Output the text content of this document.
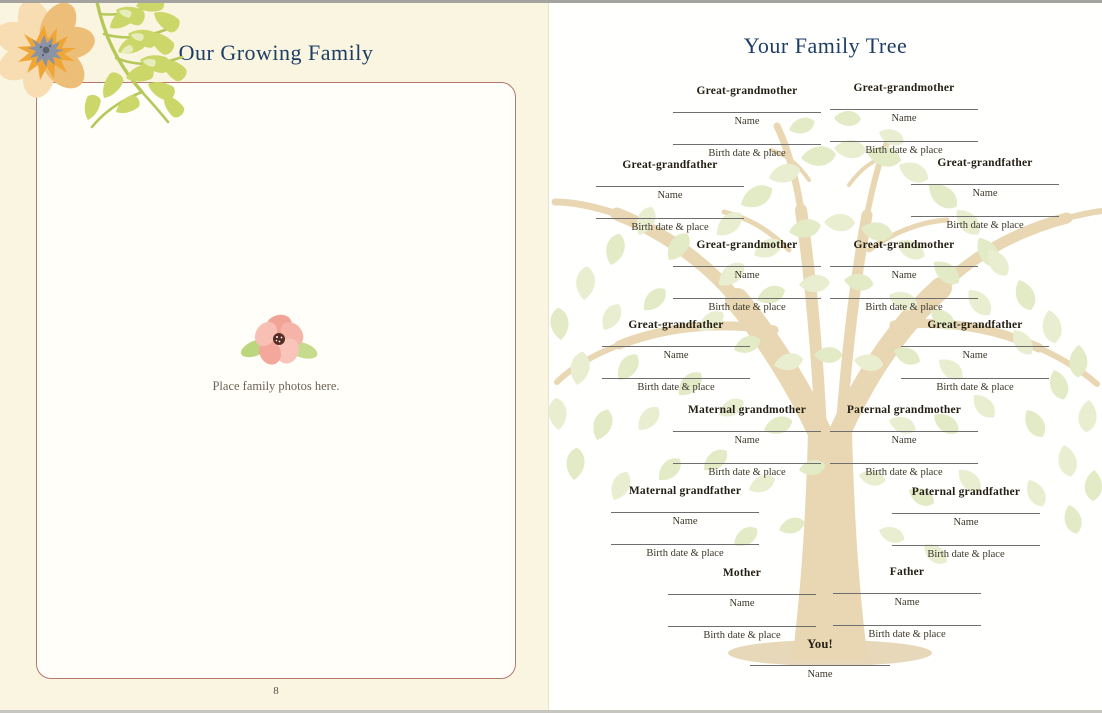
Our Growing Family
Place family photos here.
8
Your Family Tree
Great-grandmother
Name
Birth date & place
Great-grandmother
Name
Birth date & place
Great-grandfather
Name
Birth date & place
Great-grandfather
Name
Birth date & place
Great-grandmother
Name
Birth date & place
Great-grandmother
Name
Birth date & place
Great-grandfather
Name
Birth date & place
Great-grandfather
Name
Birth date & place
Maternal grandmother
Name
Birth date & place
Paternal grandmother
Name
Birth date & place
Maternal grandfather
Name
Birth date & place
Paternal grandfather
Name
Birth date & place
Mother
Name
Birth date & place
Father
Name
Birth date & place
You!
Name
